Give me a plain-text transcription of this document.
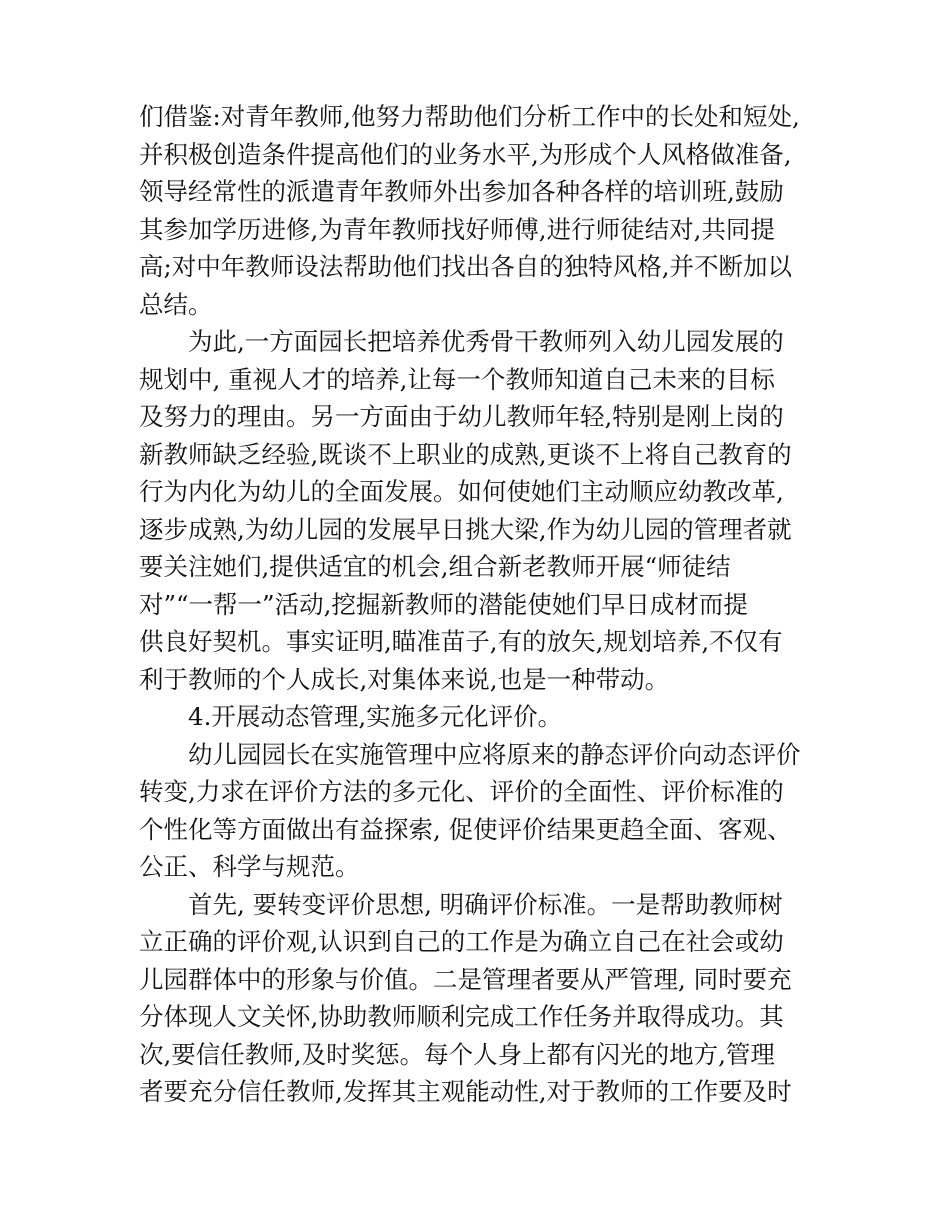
们借鉴:对青年教师,他努力帮助他们分析工作中的长处和短处,
并积极创造条件提高他们的业务水平,为形成个人风格做准备,
领导经常性的派遣青年教师外出参加各种各样的培训班,鼓励
其参加学历进修,为青年教师找好师傅,进行师徒结对,共同提
高;对中年教师设法帮助他们找出各自的独特风格,并不断加以
总结。
为此,一方面园长把培养优秀骨干教师列入幼儿园发展的
规划中, 重视人才的培养,让每一个教师知道自己未来的目标
及努力的理由。另一方面由于幼儿教师年轻,特别是刚上岗的
新教师缺乏经验,既谈不上职业的成熟,更谈不上将自己教育的
行为内化为幼儿的全面发展。如何使她们主动顺应幼教改革,
逐步成熟,为幼儿园的发展早日挑大梁,作为幼儿园的管理者就
要关注她们,提供适宜的机会,组合新老教师开展“师徒结
对”“一帮一”活动,挖掘新教师的潜能使她们早日成材而提
供良好契机。事实证明,瞄准苗子,有的放矢,规划培养,不仅有
利于教师的个人成长,对集体来说,也是一种带动。
4.开展动态管理,实施多元化评价。
幼儿园园长在实施管理中应将原来的静态评价向动态评价
转变,力求在评价方法的多元化、评价的全面性、评价标准的
个性化等方面做出有益探索, 促使评价结果更趋全面、客观、
公正、科学与规范。
首先, 要转变评价思想, 明确评价标准。一是帮助教师树
立正确的评价观,认识到自己的工作是为确立自己在社会或幼
儿园群体中的形象与价值。二是管理者要从严管理, 同时要充
分体现人文关怀,协助教师顺利完成工作任务并取得成功。其
次,要信任教师,及时奖惩。每个人身上都有闪光的地方,管理
者要充分信任教师,发挥其主观能动性,对于教师的工作要及时
